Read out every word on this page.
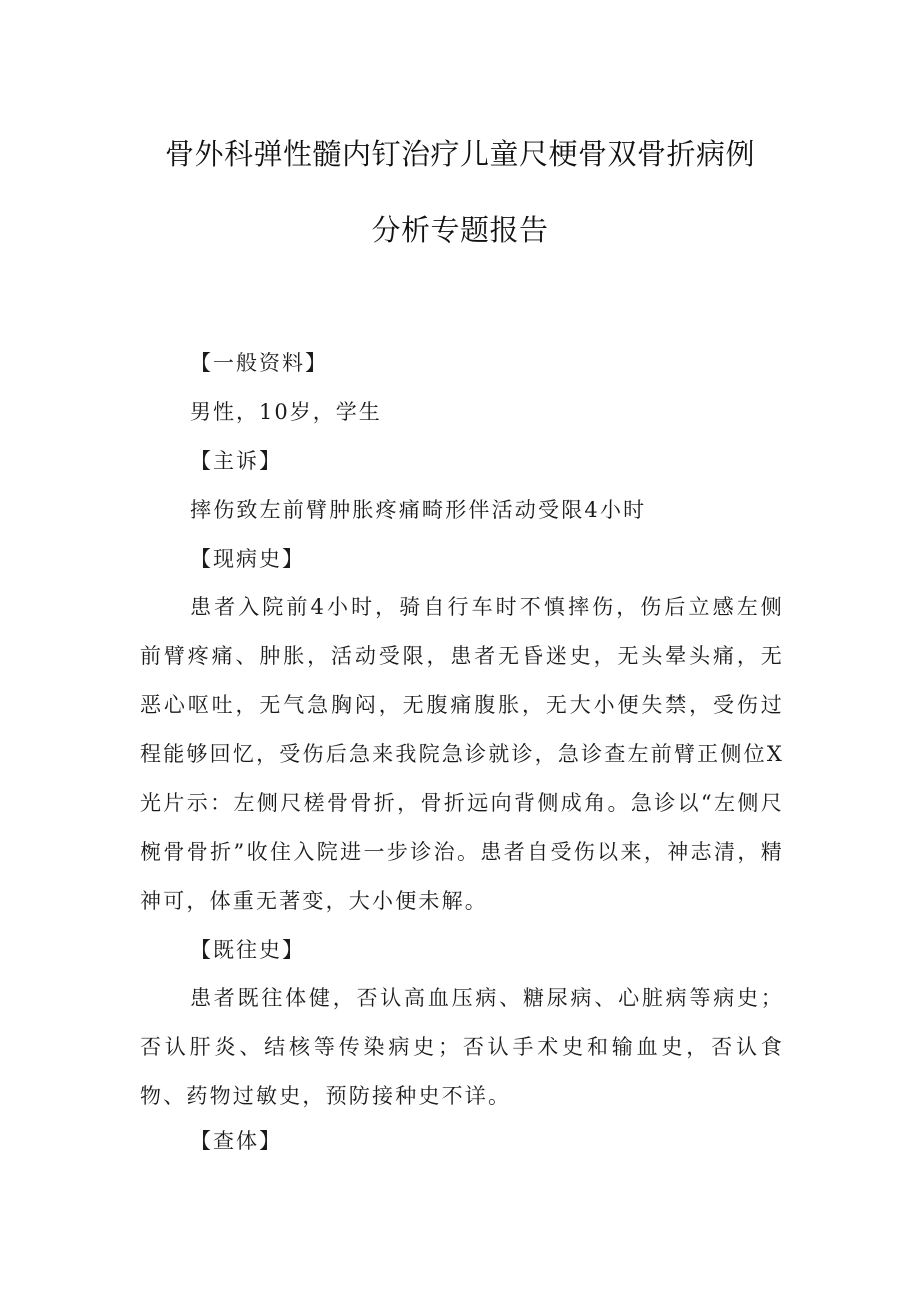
骨外科弹性髓内钉治疗儿童尺梗骨双骨折病例
分析专题报告
【一般资料】
男性，10岁，学生
【主诉】
摔伤致左前臂肿胀疼痛畸形伴活动受限4小时
【现病史】
患者入院前4小时，骑自行车时不慎摔伤，伤后立感左侧前臂疼痛、肿胀，活动受限，患者无昏迷史，无头晕头痛，无恶心呕吐，无气急胸闷，无腹痛腹胀，无大小便失禁，受伤过程能够回忆，受伤后急来我院急诊就诊，急诊查左前臂正侧位X光片示：左侧尺槎骨骨折，骨折远向背侧成角。急诊以“左侧尺椀骨骨折”收住入院进一步诊治。患者自受伤以来，神志清，精神可，体重无著变，大小便未解。
【既往史】
患者既往体健，否认高血压病、糖尿病、心脏病等病史；否认肝炎、结核等传染病史；否认手术史和输血史，否认食物、药物过敏史，预防接种史不详。
【查体】
